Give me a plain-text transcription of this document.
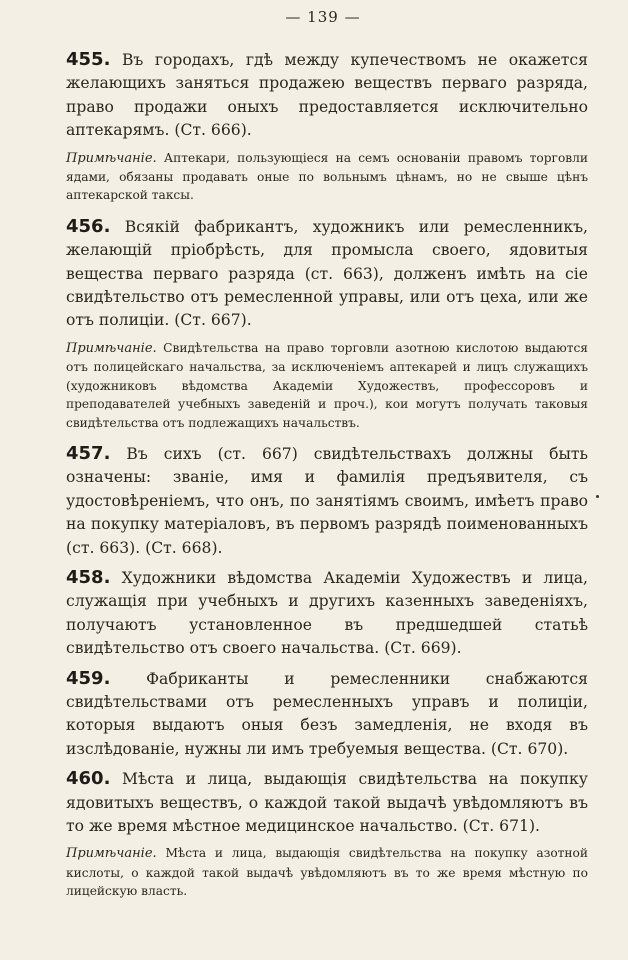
— 139 —

455. Въ городахъ, гдѣ между купечествомъ не окажется желающихъ заняться продажею веществъ перваго разряда, право продажи оныхъ предоставляется исключительно аптекарямъ. (Ст. 666).

Примѣчаніе. Аптекари, пользующіеся на семъ основаніи правомъ торговли ядами, обязаны продавать оные по вольнымъ цѣнамъ, но не свыше цѣнъ аптекарской таксы.

456. Всякій фабрикантъ, художникъ или ремесленникъ, желающій пріобрѣсть, для промысла своего, ядовитыя вещества перваго разряда (ст. 663), долженъ имѣть на сіе свидѣтельство отъ ремесленной управы, или отъ цеха, или же отъ полиціи. (Ст. 667).

Примѣчаніе. Свидѣтельства на право торговли азотною кислотою выдаются отъ полицейскаго начальства, за исключеніемъ аптекарей и лицъ служащихъ (художниковъ вѣдомства Академіи Художествъ, профессоровъ и преподавателей учебныхъ заведеній и проч.), кои могутъ получать таковыя свидѣтельства отъ подлежащихъ начальствъ.

457. Въ сихъ (ст. 667) свидѣтельствахъ должны быть означены: званіе, имя и фамилія предъявителя, съ удостовѣреніемъ, что онъ, по занятіямъ своимъ, имѣетъ право на покупку матеріаловъ, въ первомъ разрядѣ поименованныхъ (ст. 663). (Ст. 668).

458. Художники вѣдомства Академіи Художествъ и лица, служащія при учебныхъ и другихъ казенныхъ заведеніяхъ, получаютъ установленное въ предшедшей статьѣ свидѣтельство отъ своего начальства. (Ст. 669).

459. Фабриканты и ремесленники снабжаются свидѣтельствами отъ ремесленныхъ управъ и полиціи, которыя выдаютъ оныя безъ замедленія, не входя въ изслѣдованіе, нужны ли имъ требуемыя вещества. (Ст. 670).

460. Мѣста и лица, выдающія свидѣтельства на покупку ядовитыхъ веществъ, о каждой такой выдачѣ увѣдомляютъ въ то же время мѣстное медицинское начальство. (Ст. 671).

Примѣчаніе. Мѣста и лица, выдающія свидѣтельства на покупку азотной кислоты, о каждой такой выдачѣ увѣдомляютъ въ то же время мѣстную по лицейскую власть.
